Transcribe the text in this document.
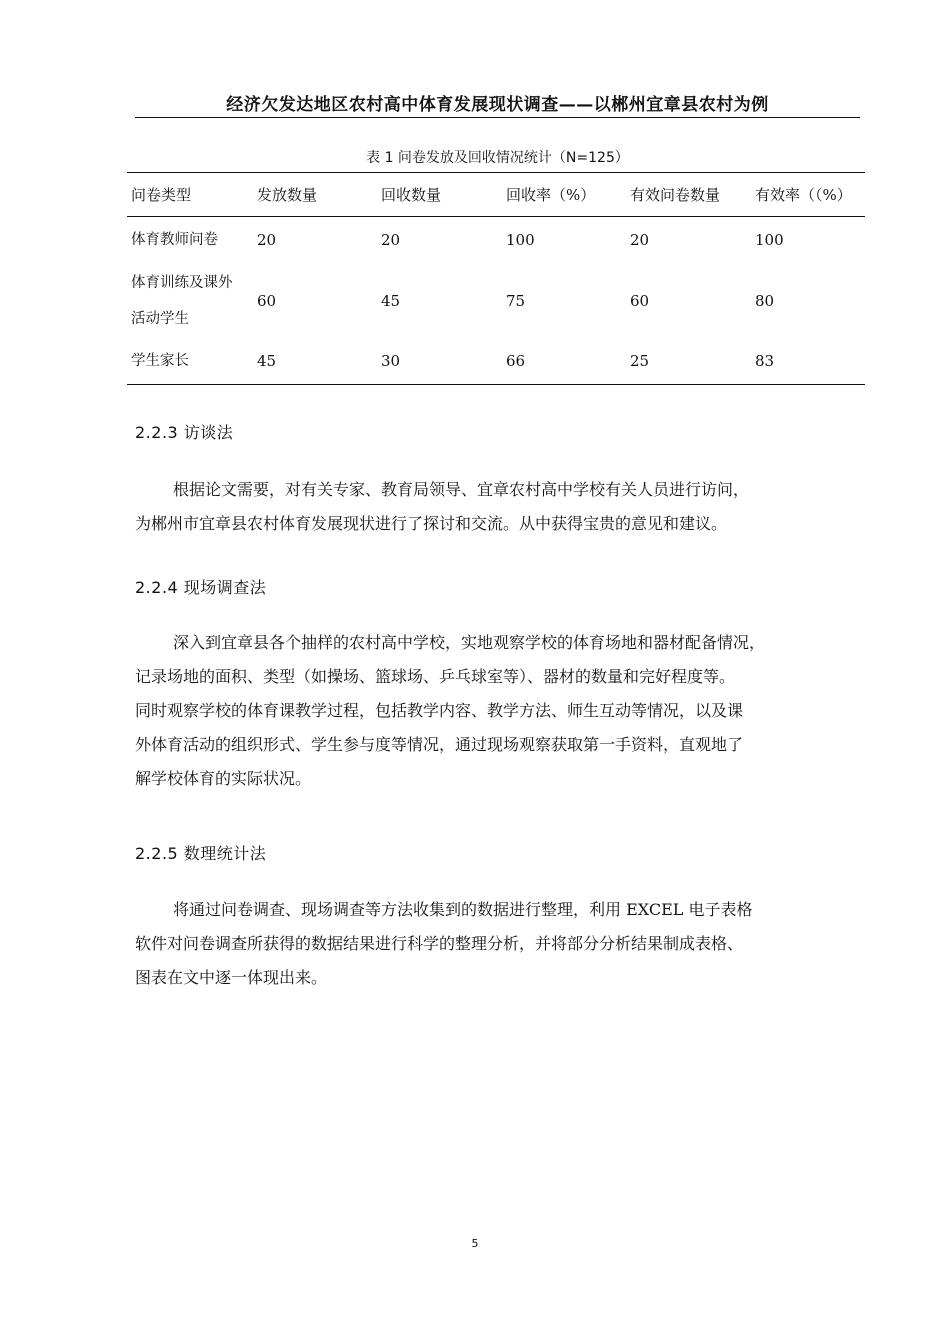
经济欠发达地区农村高中体育发展现状调查——以郴州宜章县农村为例
表 1 问卷发放及回收情况统计（N=125）
问卷类型	发放数量	回收数量	回收率（%）	有效问卷数量	有效率（（%）
体育教师问卷	20	20	100	20	100

体育训练及课外
活动学生	60	45	75	60	80
学生家长	45	30	66	25	83
2.2.3 访谈法
根据论文需要，对有关专家、教育局领导、宜章农村高中学校有关人员进行访问，
为郴州市宜章县农村体育发展现状进行了探讨和交流。从中获得宝贵的意见和建议。
2.2.4 现场调查法
深入到宜章县各个抽样的农村高中学校，实地观察学校的体育场地和器材配备情况，
记录场地的面积、类型（如操场、篮球场、乒乓球室等）、器材的数量和完好程度等。
同时观察学校的体育课教学过程，包括教学内容、教学方法、师生互动等情况，以及课
外体育活动的组织形式、学生参与度等情况，通过现场观察获取第一手资料，直观地了
解学校体育的实际状况。
2.2.5 数理统计法
将通过问卷调查、现场调查等方法收集到的数据进行整理，利用 EXCEL 电子表格
软件对问卷调查所获得的数据结果进行科学的整理分析，并将部分分析结果制成表格、
图表在文中逐一体现出来。
5
